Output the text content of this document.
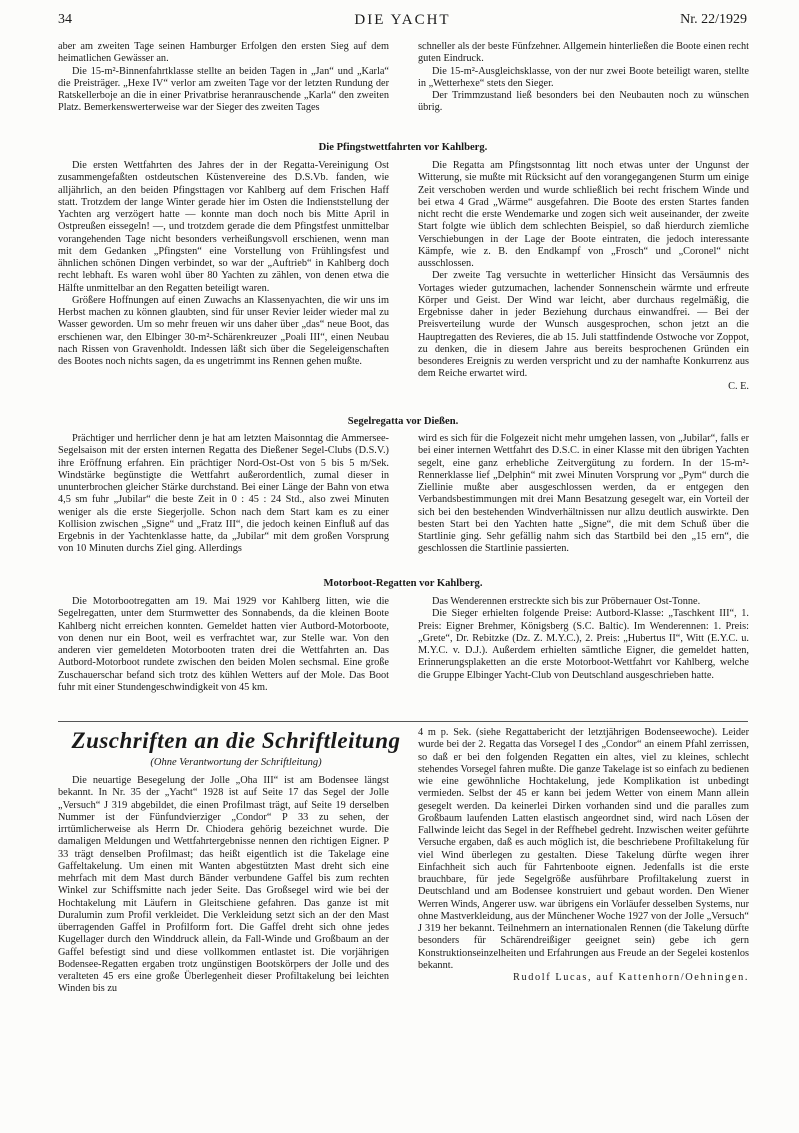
34	DIE YACHT	Nr. 22/1929

aber am zweiten Tage seinen Hamburger Erfolgen den ersten Sieg auf dem heimatlichen Gewässer an.

Die 15-m²-Binnenfahrtklasse stellte an beiden Tagen in „Jan“ und „Karla“ die Preisträger. „Hexe IV“ verlor am zweiten Tage vor der letzten Rundung der Ratskellerboje an die in einer Privatbrise heranrauschende „Karla“ den zweiten Platz. Bemerkenswerterweise war der Sieger des zweiten Tages

schneller als der beste Fünfzehner. Allgemein hinterließen die Boote einen recht guten Eindruck.

Die 15-m²-Ausgleichsklasse, von der nur zwei Boote beteiligt waren, stellte in „Wetterhexe“ stets den Sieger.

Der Trimmzustand ließ besonders bei den Neubauten noch zu wünschen übrig.

Die Pfingstwettfahrten vor Kahlberg.

Die ersten Wettfahrten des Jahres der in der Regatta-Vereinigung Ost zusammengefaßten ostdeutschen Küstenvereine des D.S.Vb. fanden, wie alljährlich, an den beiden Pfingsttagen vor Kahlberg auf dem Frischen Haff statt. Trotzdem der lange Winter gerade hier im Osten die Indienststellung der Yachten arg verzögert hatte — konnte man doch noch bis Mitte April in Ostpreußen eissegeln! —, und trotzdem gerade die dem Pfingstfest unmittelbar vorangehenden Tage nicht besonders verheißungsvoll erschienen, wenn man mit dem Gedanken „Pfingsten“ eine Vorstellung von Frühlingsfest und ähnlichen schönen Dingen verbindet, so war der „Auftrieb“ in Kahlberg doch recht lebhaft. Es waren wohl über 80 Yachten zu zählen, von denen etwa die Hälfte unmittelbar an den Regatten beteiligt waren.

Größere Hoffnungen auf einen Zuwachs an Klassenyachten, die wir uns im Herbst machen zu können glaubten, sind für unser Revier leider wieder mal zu Wasser geworden. Um so mehr freuen wir uns daher über „das“ neue Boot, das erschienen war, den Elbinger 30-m²-Schärenkreuzer „Poali III“, einen Neubau nach Rissen von Gravenholdt. Indessen läßt sich über die Segeleigenschaften des Bootes noch nichts sagen, da es ungetrimmt ins Rennen gehen mußte.

Die Regatta am Pfingstsonntag litt noch etwas unter der Ungunst der Witterung, sie mußte mit Rücksicht auf den vorangegangenen Sturm um einige Zeit verschoben werden und wurde schließlich bei recht frischem Winde und bei etwa 4 Grad „Wärme“ ausgefahren. Die Boote des ersten Startes fanden nicht recht die erste Wendemarke und zogen sich weit auseinander, der zweite Start folgte wie üblich dem schlechten Beispiel, so daß hierdurch ziemliche Verschiebungen in der Lage der Boote eintraten, die jedoch interessante Kämpfe, wie z. B. den Endkampf von „Frosch“ und „Coronel“ nicht ausschlossen.

Der zweite Tag versuchte in wetterlicher Hinsicht das Versäumnis des Vortages wieder gutzumachen, lachender Sonnenschein wärmte und erfreute Körper und Geist. Der Wind war leicht, aber durchaus regelmäßig, die Ergebnisse daher in jeder Beziehung durchaus einwandfrei. — Bei der Preisverteilung wurde der Wunsch ausgesprochen, schon jetzt an die Hauptregatten des Revieres, die ab 15. Juli stattfindende Ostwoche vor Zoppot, zu denken, die in diesem Jahre aus bereits besprochenen Gründen ein besonderes Ereignis zu werden verspricht und zu der namhafte Konkurrenz aus dem Reiche erwartet wird.

C. E.

Segelregatta vor Dießen.

Prächtiger und herrlicher denn je hat am letzten Maisonntag die Ammersee-Segelsaison mit der ersten internen Regatta des Dießener Segel-Clubs (D.S.V.) ihre Eröffnung erfahren. Ein prächtiger Nord-Ost-Ost von 5 bis 5 m/Sek. Windstärke begünstigte die Wettfahrt außerordentlich, zumal dieser in ununterbrochen gleicher Stärke durchstand. Bei einer Länge der Bahn von etwa 4,5 sm fuhr „Jubilar“ die beste Zeit in 0 : 45 : 24 Std., also zwei Minuten weniger als die erste Siegerjolle. Schon nach dem Start kam es zu einer Kollision zwischen „Signe“ und „Fratz III“, die jedoch keinen Einfluß auf das Ergebnis in der Yachtenklasse hatte, da „Jubilar“ mit dem großen Vorsprung von 10 Minuten durchs Ziel ging. Allerdings

wird es sich für die Folgezeit nicht mehr umgehen lassen, von „Jubilar“, falls er bei einer internen Wettfahrt des D.S.C. in einer Klasse mit den übrigen Yachten segelt, eine ganz erhebliche Zeitvergütung zu fordern. In der 15-m²-Rennerklasse lief „Delphin“ mit zwei Minuten Vorsprung vor „Pym“ durch die Ziellinie mußte aber ausgeschlossen werden, da er entgegen den Verbandsbestimmungen mit drei Mann Besatzung gesegelt war, ein Vorteil der sich bei den bestehenden Windverhältnissen nur allzu deutlich auswirkte. Den besten Start bei den Yachten hatte „Signe“, die mit dem Schuß über die Startlinie ging. Sehr gefällig nahm sich das Startbild bei den „15 ern“, die geschlossen die Startlinie passierten.

Motorboot-Regatten vor Kahlberg.

Die Motorbootregatten am 19. Mai 1929 vor Kahlberg litten, wie die Segelregatten, unter dem Sturmwetter des Sonnabends, da die kleinen Boote Kahlberg nicht erreichen konnten. Gemeldet hatten vier Autbord-Motorboote, von denen nur ein Boot, weil es verfrachtet war, zur Stelle war. Von den anderen vier gemeldeten Motorbooten traten drei die Wettfahrten an. Das Autbord-Motorboot rundete zwischen den beiden Molen sechsmal. Eine große Zuschauerschar befand sich trotz des kühlen Wetters auf der Mole. Das Boot fuhr mit einer Stundengeschwindigkeit von 45 km.

Das Wenderennen erstreckte sich bis zur Pröbernauer Ost-Tonne.

Die Sieger erhielten folgende Preise: Autbord-Klasse: „Taschkent III“, 1. Preis: Eigner Brehmer, Königsberg (S.C. Baltic). Im Wenderennen: 1. Preis: „Grete“, Dr. Rebitzke (Dz. Z. M.Y.C.), 2. Preis: „Hubertus II“, Witt (E.Y.C. u. M.Y.C. v. D.J.). Außerdem erhielten sämtliche Eigner, die gemeldet hatten, Erinnerungsplaketten an die erste Motorboot-Wettfahrt vor Kahlberg, welche die Gruppe Elbinger Yacht-Club von Deutschland ausgeschrieben hatte.

Zuschriften an die Schriftleitung
(Ohne Verantwortung der Schriftleitung)

Die neuartige Besegelung der Jolle „Oha III“ ist am Bodensee längst bekannt. In Nr. 35 der „Yacht“ 1928 ist auf Seite 17 das Segel der Jolle „Versuch“ J 319 abgebildet, die einen Profilmast trägt, auf Seite 19 derselben Nummer ist der Fünfundvierziger „Condor“ P 33 zu sehen, der irrtümlicherweise als Herrn Dr. Chiodera gehörig bezeichnet wurde. Die damaligen Meldungen und Wettfahrtergebnisse nennen den richtigen Eigner. P 33 trägt denselben Profilmast; das heißt eigentlich ist die Takelage eine Gaffeltakelung. Um einen mit Wanten abgestützten Mast dreht sich eine mehrfach mit dem Mast durch Bänder verbundene Gaffel bis zum rechten Winkel zur Schiffsmitte nach jeder Seite. Das Großsegel wird wie bei der Hochtakelung mit Läufern in Gleitschiene gefahren. Das ganze ist mit Duralumin zum Profil verkleidet. Die Verkleidung setzt sich an der den Mast überragenden Gaffel in Profilform fort. Die Gaffel dreht sich ohne jedes Kugellager durch den Winddruck allein, da Fall-Winde und Großbaum an der Gaffel befestigt sind und diese vollkommen entlastet ist. Die vorjährigen Bodensee-Regatten ergaben trotz ungünstigen Bootskörpers der Jolle und des veralteten 45 ers eine große Überlegenheit dieser Profiltakelung bei leichten Winden bis zu

4 m p. Sek. (siehe Regattabericht der letztjährigen Bodenseewoche). Leider wurde bei der 2. Regatta das Vorsegel I des „Condor“ an einem Pfahl zerrissen, so daß er bei den folgenden Regatten ein altes, viel zu kleines, schlecht stehendes Vorsegel fahren mußte. Die ganze Takelage ist so einfach zu bedienen wie eine gewöhnliche Hochtakelung, jede Komplikation ist unbedingt vermieden. Selbst der 45 er kann bei jedem Wetter von einem Mann allein gesegelt werden. Da keinerlei Dirken vorhanden sind und die paralles zum Großbaum laufenden Latten elastisch angeordnet sind, wird nach Lösen der Fallwinde leicht das Segel in der Reffhebel gedreht. Inzwischen weiter geführte Versuche ergaben, daß es auch möglich ist, die beschriebene Profiltakelung für viel Wind überlegen zu gestalten. Diese Takelung dürfte wegen ihrer Einfachheit sich auch für Fahrtenboote eignen. Jedenfalls ist die erste brauchbare, für jede Segelgröße ausführbare Profiltakelung zuerst in Deutschland und am Bodensee konstruiert und gebaut worden. Den Wiener Werren Winds, Angerer usw. war übrigens ein Vorläufer desselben Systems, nur ohne Mastverkleidung, aus der Münchener Woche 1927 von der Jolle „Versuch“ J 319 her bekannt. Teilnehmern an internationalen Rennen (die Takelung dürfte besonders für Schärendreißiger geeignet sein) gebe ich gern Konstruktionseinzelheiten und Erfahrungen aus Freude an der Segelei kostenlos bekannt.

Rudolf Lucas, auf Kattenhorn/Oehningen.
